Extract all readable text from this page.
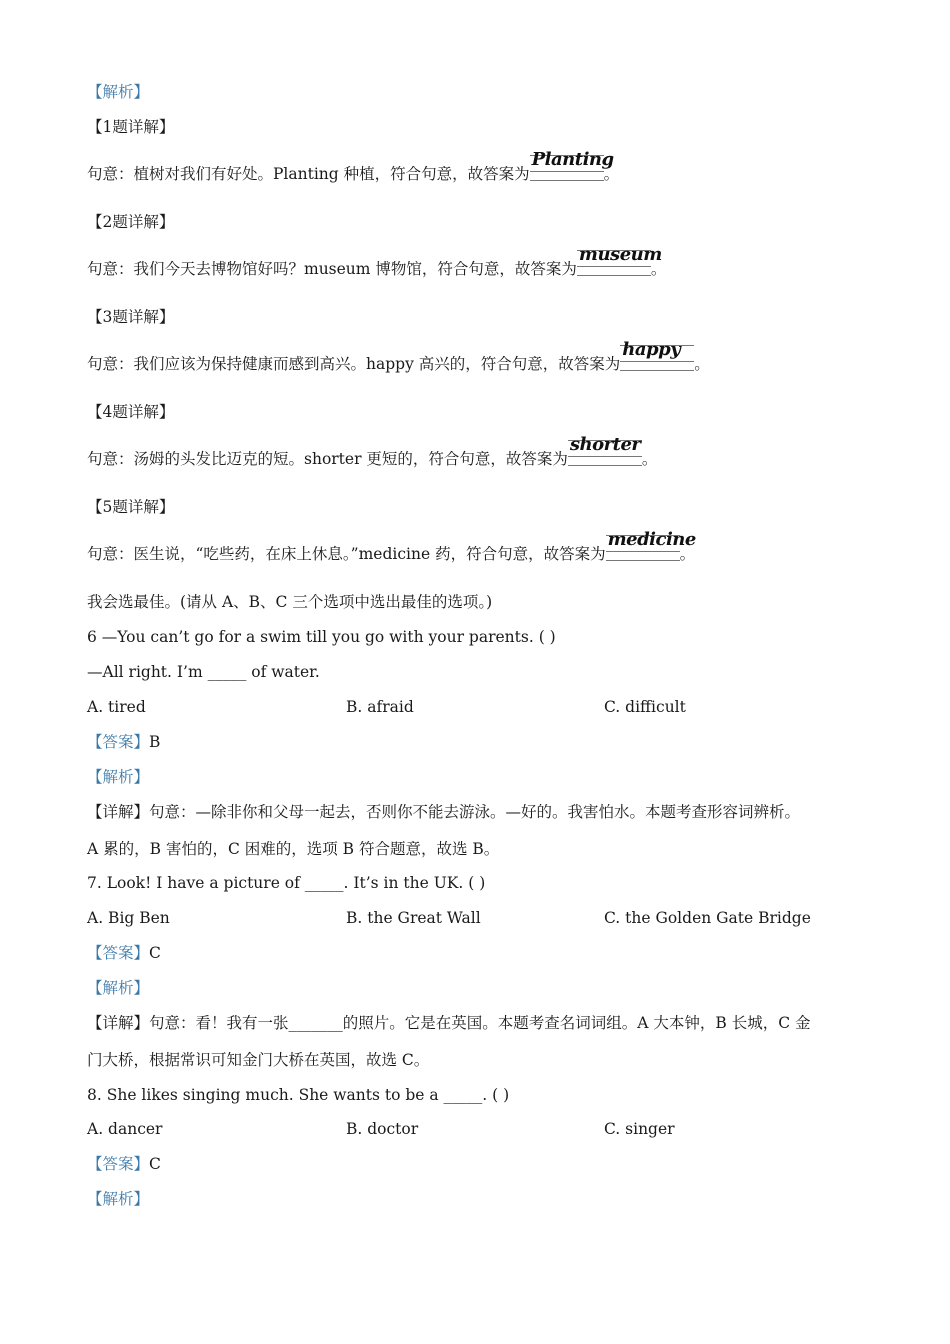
【解析】
【1题详解】
句意：植树对我们有好处。Planting 种植，符合句意，故答案为
Planting
。
【2题详解】
句意：我们今天去博物馆好吗？museum 博物馆，符合句意，故答案为
museum
。
【3题详解】
句意：我们应该为保持健康而感到高兴。happy 高兴的，符合句意，故答案为
happy
。
【4题详解】
句意：汤姆的头发比迈克的短。shorter 更短的，符合句意，故答案为
shorter
。
【5题详解】
句意：医生说，“吃些药，在床上休息。”medicine 药，符合句意，故答案为
medicine
。
我会选最佳。(请从 A、B、C 三个选项中选出最佳的选项。)
6 —You can’t go for a swim till you go with your parents. ( )
—All right. I’m _____ of water.
A. tired	B. afraid	C. difficult
【答案】B
【解析】
【详解】句意：—除非你和父母一起去，否则你不能去游泳。—好的。我害怕水。本题考查形容词辨析。
A 累的，B 害怕的，C 困难的，选项 B 符合题意，故选 B。
7. Look! I have a picture of _____. It’s in the UK. ( )
A. Big Ben	B. the Great Wall	C. the Golden Gate Bridge
【答案】C
【解析】
【详解】句意：看！我有一张_______的照片。它是在英国。本题考查名词词组。A 大本钟，B 长城，C 金
门大桥，根据常识可知金门大桥在英国，故选 C。
8. She likes singing much. She wants to be a _____. ( )
A. dancer	B. doctor	C. singer
【答案】C
【解析】
